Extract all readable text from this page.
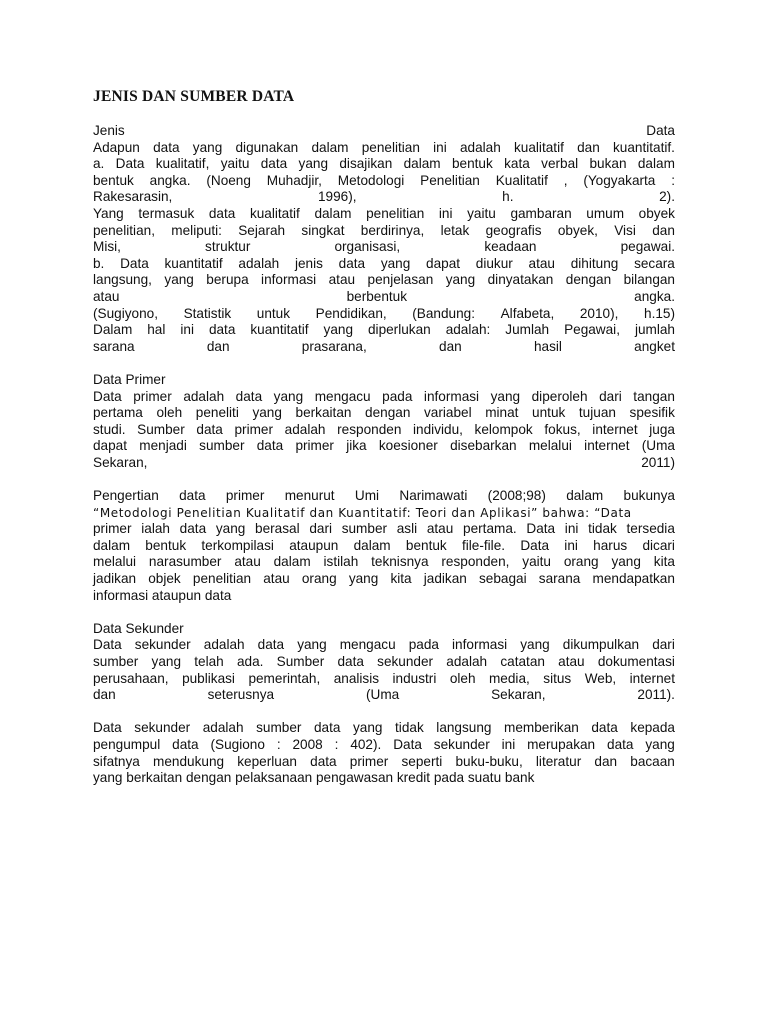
JENIS DAN SUMBER DATA
Jenis	Data
Adapun data yang digunakan dalam penelitian ini adalah kualitatif dan kuantitatif.
a. Data kualitatif, yaitu data yang disajikan dalam bentuk kata verbal bukan dalam
bentuk angka. (Noeng Muhadjir, Metodologi Penelitian Kualitatif , (Yogyakarta :
Rakesarasin,	1996),	h.	2).
Yang termasuk data kualitatif dalam penelitian ini yaitu gambaran umum obyek
penelitian, meliputi: Sejarah singkat berdirinya, letak geografis obyek, Visi dan
Misi,	struktur	organisasi,	keadaan	pegawai.
b. Data kuantitatif adalah jenis data yang dapat diukur atau dihitung secara
langsung, yang berupa informasi atau penjelasan yang dinyatakan dengan bilangan
atau	berbentuk	angka.
(Sugiyono, Statistik untuk Pendidikan, (Bandung: Alfabeta, 2010), h.15)
Dalam hal ini data kuantitatif yang diperlukan adalah: Jumlah Pegawai, jumlah
sarana	dan	prasarana,	dan	hasil	angket
Data Primer
Data primer adalah data yang mengacu pada informasi yang diperoleh dari tangan
pertama oleh peneliti yang berkaitan dengan variabel minat untuk tujuan spesifik
studi. Sumber data primer adalah responden individu, kelompok fokus, internet juga
dapat menjadi sumber data primer jika koesioner disebarkan melalui internet (Uma
Sekaran,	2011)
Pengertian data primer menurut Umi Narimawati (2008;98) dalam bukunya
“Metodologi Penelitian Kualitatif dan Kuantitatif: Teori dan Aplikasi” bahwa: “Data
primer ialah data yang berasal dari sumber asli atau pertama. Data ini tidak tersedia
dalam bentuk terkompilasi ataupun dalam bentuk file-file. Data ini harus dicari
melalui narasumber atau dalam istilah teknisnya responden, yaitu orang yang kita
jadikan objek penelitian atau orang yang kita jadikan sebagai sarana mendapatkan
informasi ataupun data
Data Sekunder
Data sekunder adalah data yang mengacu pada informasi yang dikumpulkan dari
sumber yang telah ada. Sumber data sekunder adalah catatan atau dokumentasi
perusahaan, publikasi pemerintah, analisis industri oleh media, situs Web, internet
dan	seterusnya	(Uma	Sekaran,	2011).
Data sekunder adalah sumber data yang tidak langsung memberikan data kepada
pengumpul data (Sugiono : 2008 : 402). Data sekunder ini merupakan data yang
sifatnya mendukung keperluan data primer seperti buku-buku, literatur dan bacaan
yang berkaitan dengan pelaksanaan pengawasan kredit pada suatu bank
